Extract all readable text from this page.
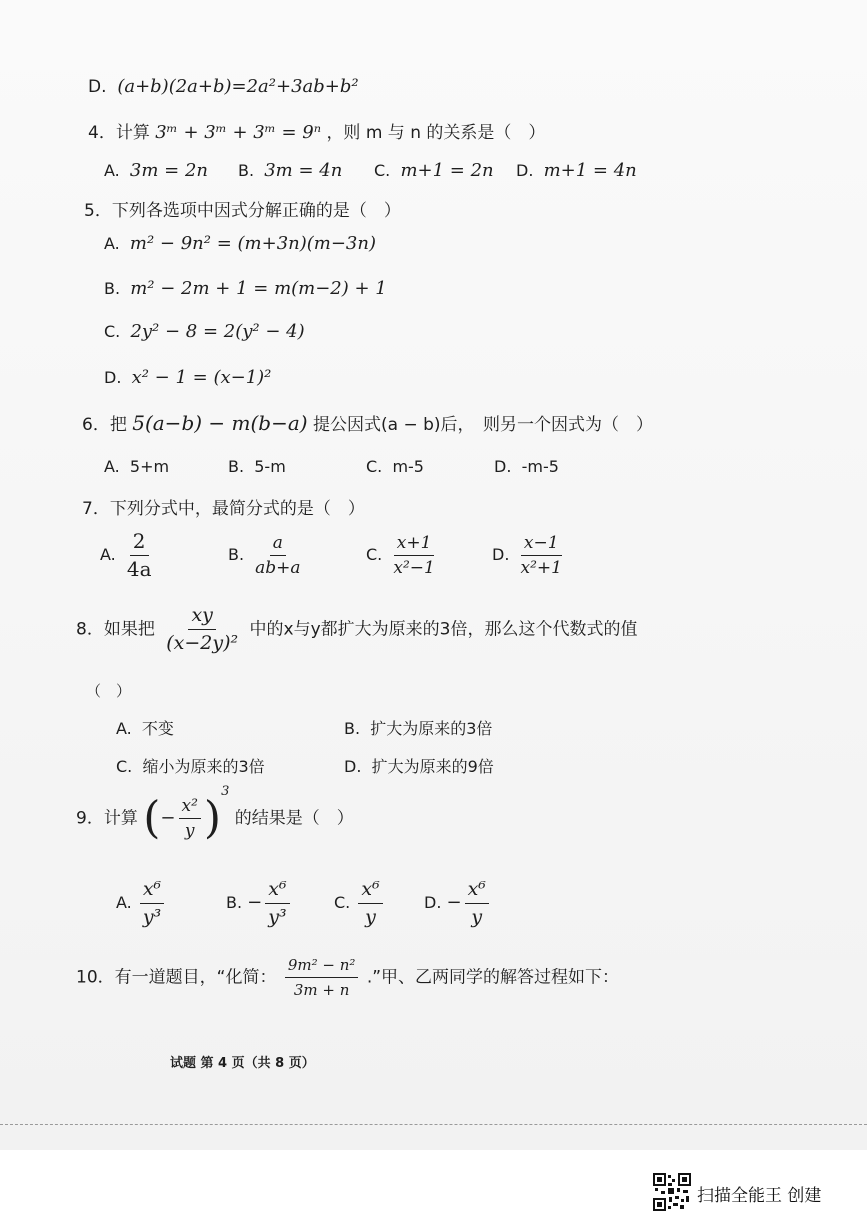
D. (a+b)(2a+b)=2a²+3ab+b²
4．计算 3ᵐ + 3ᵐ + 3ᵐ = 9ⁿ ，则 m 与 n 的关系是（　）
A. 3m = 2n B. 3m = 4n C. m+1 = 2n D. m+1 = 4n
5．下列各选项中因式分解正确的是（　）
A. m² − 9n² = (m+3n)(m−3n)
B. m² − 2m + 1 = m(m−2) + 1
C. 2y² − 8 = 2(y² − 4)
D. x² − 1 = (x−1)²
6．把 5(a−b) − m(b−a) 提公因式(a − b)后，　则另一个因式为（　）
A. 5+m	B. 5-m	C. m-5	D. -m-5
7．下列分式中，最简分式的是（　）
A. $\frac{2}{4a}$	B. $\frac{a}{ab+a}$	C. $\frac{x+1}{\text{x²−1}}$	D. $\frac{x-1}{\text{x²+1}}$
8．如果把 $\frac{xy}{\text{(x−2y)²}}$ 中的x与y都扩大为原来的3倍，那么这个代数式的值
（　）
A. 不变	B. 扩大为原来的3倍
C. 缩小为原来的3倍	D. 扩大为原来的9倍
9．计算 (− $\frac{\text{x²}}{y} )^3$ 的结果是（　）
A. $\frac{\text{x⁶}}{\text{y³}}$	B. − $\frac{\text{x⁶}}{\text{y³}}$	C. $\frac{\text{x⁶}}{y}$	D. − $\frac{\text{x⁶}}{y}$
10．有一道题目，“化简： $\frac{\text{9m² − n²}}{3m + n}$ .”甲、乙两同学的解答过程如下：
试题 第 4 页（共 8 页）
扫描全能王 创建
